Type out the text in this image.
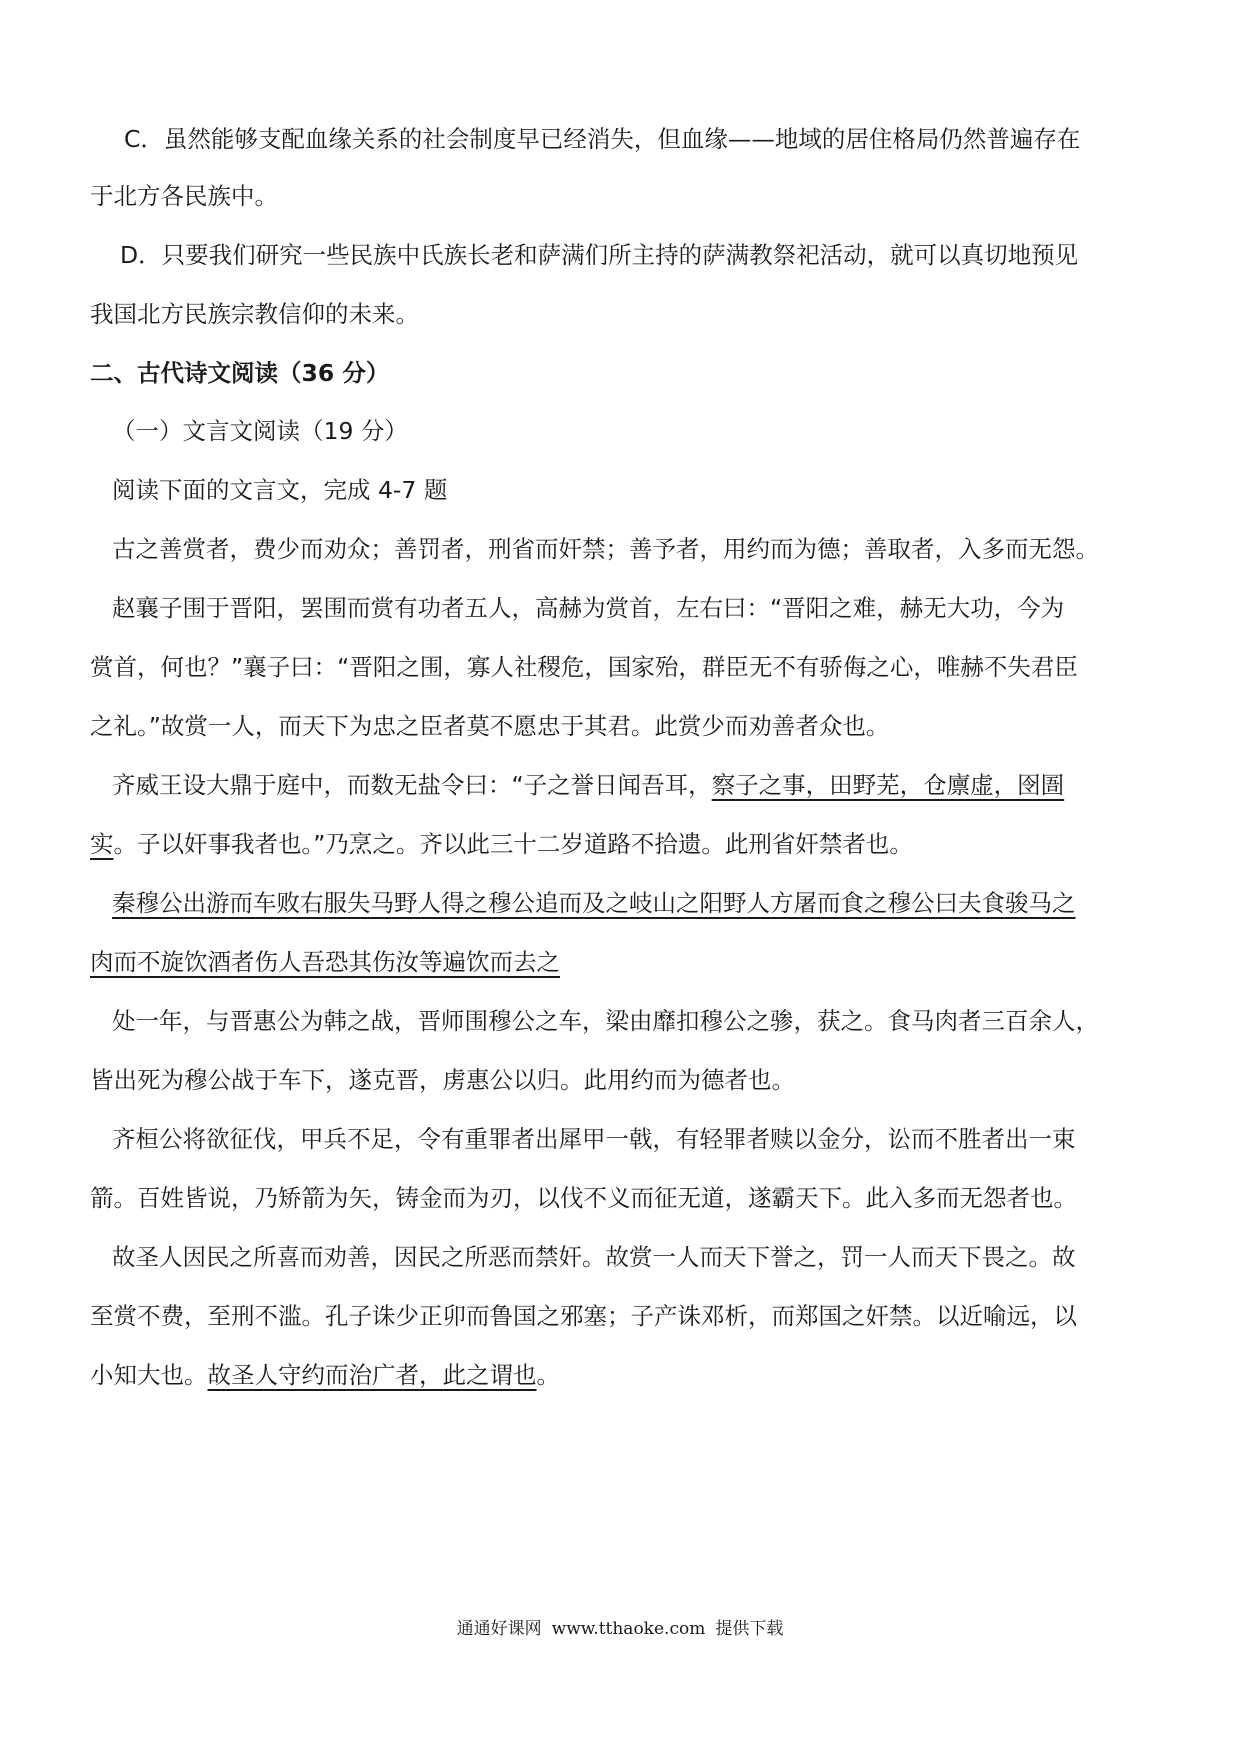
C．虽然能够支配血缘关系的社会制度早已经消失，但血缘——地域的居住格局仍然普遍存在
于北方各民族中。
D．只要我们研究一些民族中氏族长老和萨满们所主持的萨满教祭祀活动，就可以真切地预见
我国北方民族宗教信仰的未来。
二、古代诗文阅读（36 分）
（一）文言文阅读（19 分）
阅读下面的文言文，完成 4-7 题
古之善赏者，费少而劝众；善罚者，刑省而奸禁；善予者，用约而为德；善取者，入多而无怨。
赵襄子围于晋阳，罢围而赏有功者五人，高赫为赏首，左右曰：“晋阳之难，赫无大功，今为
赏首，何也？”襄子曰：“晋阳之围，寡人社稷危，国家殆，群臣无不有骄侮之心，唯赫不失君臣
之礼。”故赏一人，而天下为忠之臣者莫不愿忠于其君。此赏少而劝善者众也。
齐威王设大鼎于庭中，而数无盐令曰：“子之誉日闻吾耳，察子之事，田野芜，仓廪虚，囹圄
实。子以奸事我者也。”乃烹之。齐以此三十二岁道路不拾遗。此刑省奸禁者也。
秦穆公出游而车败右服失马野人得之穆公追而及之岐山之阳野人方屠而食之穆公曰夫食骏马之
肉而不旋饮酒者伤人吾恐其伤汝等遍饮而去之
处一年，与晋惠公为韩之战，晋师围穆公之车，梁由靡扣穆公之骖，获之。食马肉者三百余人，
皆出死为穆公战于车下，遂克晋，虏惠公以归。此用约而为德者也。
齐桓公将欲征伐，甲兵不足，令有重罪者出犀甲一戟，有轻罪者赎以金分，讼而不胜者出一束
箭。百姓皆说，乃矫箭为矢，铸金而为刃，以伐不义而征无道，遂霸天下。此入多而无怨者也。
故圣人因民之所喜而劝善，因民之所恶而禁奸。故赏一人而天下誉之，罚一人而天下畏之。故
至赏不费，至刑不滥。孔子诛少正卯而鲁国之邪塞；子产诛邓析，而郑国之奸禁。以近喻远，以
小知大也。故圣人守约而治广者，此之谓也。
通通好课网 www.tthaoke.com 提供下载
